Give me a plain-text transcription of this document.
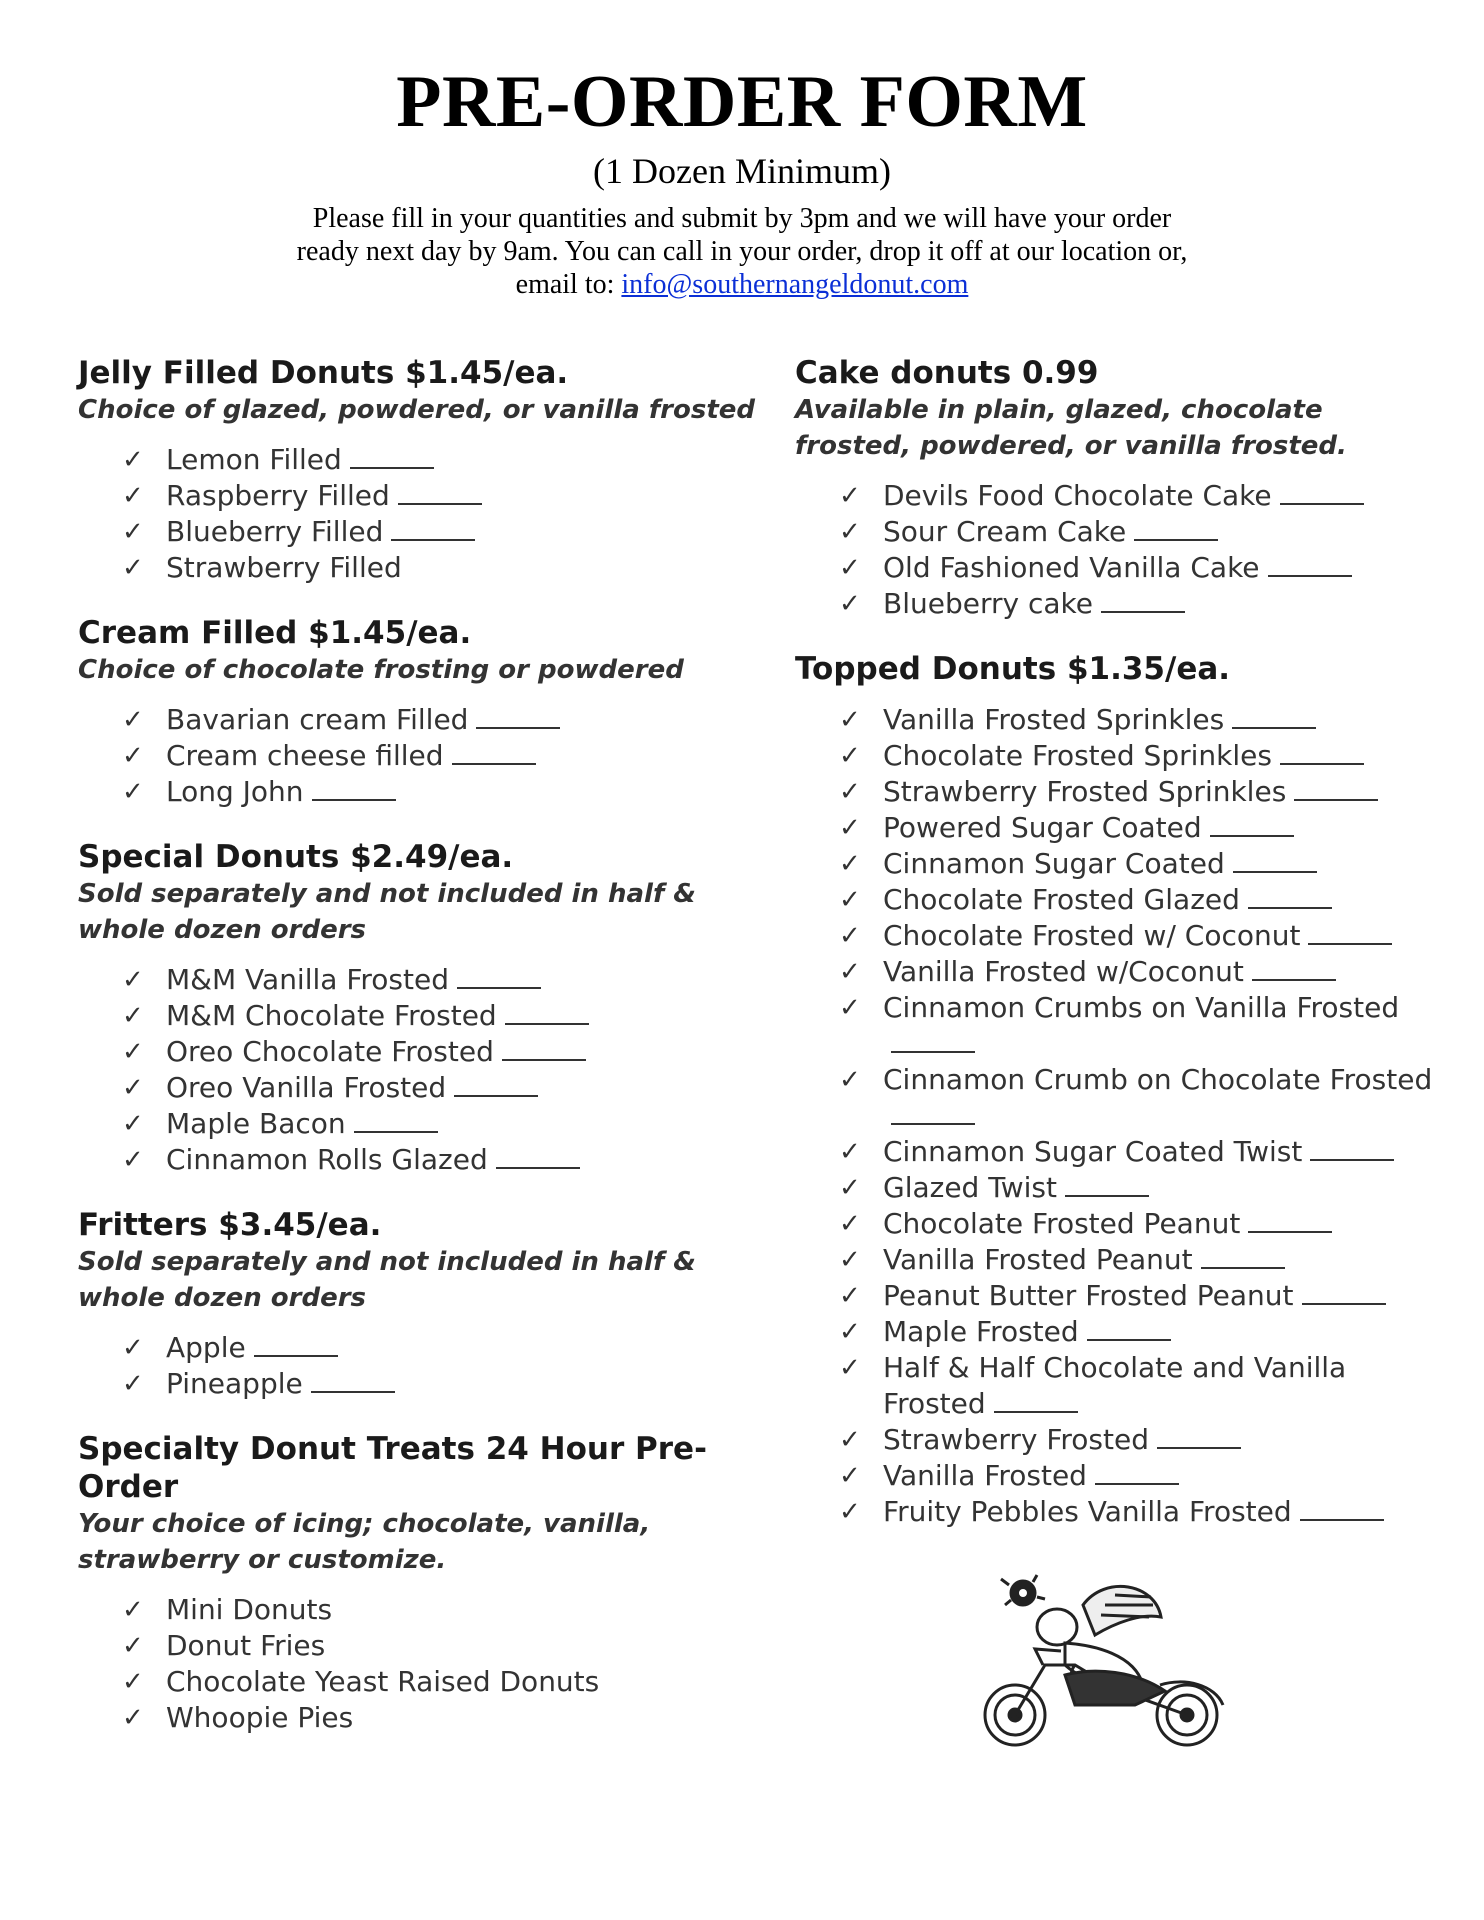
PRE-ORDER FORM
(1 Dozen Minimum)
Please fill in your quantities and submit by 3pm and we will have your order
ready next day by 9am. You can call in your order, drop it off at our location or,
email to: info@southernangeldonut.com
Jelly Filled Donuts $1.45/ea.
Choice of glazed, powdered, or vanilla frosted
✓ Lemon Filled
✓ Raspberry Filled
✓ Blueberry Filled
✓ Strawberry Filled
Cream Filled $1.45/ea.
Choice of chocolate frosting or powdered
✓ Bavarian cream Filled
✓ Cream cheese filled
✓ Long John
Special Donuts $2.49/ea.
Sold separately and not included in half & whole dozen orders
✓ M&M Vanilla Frosted
✓ M&M Chocolate Frosted
✓ Oreo Chocolate Frosted
✓ Oreo Vanilla Frosted
✓ Maple Bacon
✓ Cinnamon Rolls Glazed
Fritters $3.45/ea.
Sold separately and not included in half & whole dozen orders
✓ Apple
✓ Pineapple
Specialty Donut Treats 24 Hour Pre-Order
Your choice of icing; chocolate, vanilla, strawberry or customize.
✓ Mini Donuts
✓ Donut Fries
✓ Chocolate Yeast Raised Donuts
✓ Whoopie Pies
Cake donuts 0.99
Available in plain, glazed, chocolate frosted, powdered, or vanilla frosted.
✓ Devils Food Chocolate Cake
✓ Sour Cream Cake
✓ Old Fashioned Vanilla Cake
✓ Blueberry cake
Topped Donuts $1.35/ea.
✓ Vanilla Frosted Sprinkles
✓ Chocolate Frosted Sprinkles
✓ Strawberry Frosted Sprinkles
✓ Powered Sugar Coated
✓ Cinnamon Sugar Coated
✓ Chocolate Frosted Glazed
✓ Chocolate Frosted w/ Coconut
✓ Vanilla Frosted w/Coconut
✓ Cinnamon Crumbs on Vanilla Frosted
✓ Cinnamon Crumb on Chocolate Frosted
✓ Cinnamon Sugar Coated Twist
✓ Glazed Twist
✓ Chocolate Frosted Peanut
✓ Vanilla Frosted Peanut
✓ Peanut Butter Frosted Peanut
✓ Maple Frosted
✓ Half & Half Chocolate and Vanilla Frosted
✓ Strawberry Frosted
✓ Vanilla Frosted
✓ Fruity Pebbles Vanilla Frosted
